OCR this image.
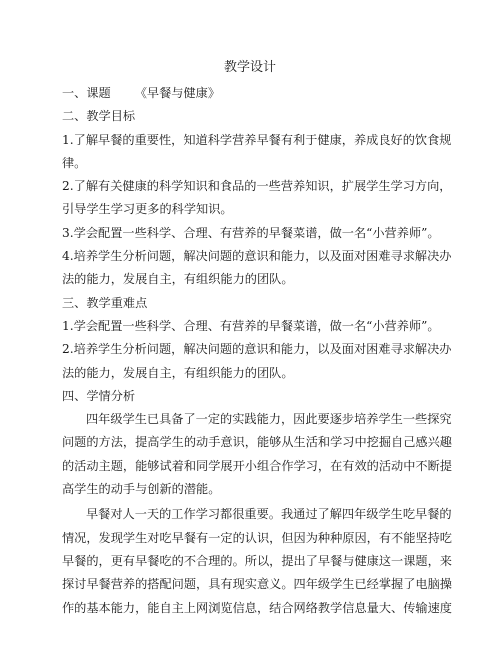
教学设计

一、课题 《早餐与健康》

二、教学目标

1.了解早餐的重要性，知道科学营养早餐有利于健康，养成良好的饮食规

律。

2.了解有关健康的科学知识和食品的一些营养知识，扩展学生学习方向，

引导学生学习更多的科学知识。

3.学会配置一些科学、合理、有营养的早餐菜谱，做一名“小营养师”。

4.培养学生分析问题，解决问题的意识和能力，以及面对困难寻求解决办

法的能力，发展自主，有组织能力的团队。

三、教学重难点

1.学会配置一些科学、合理、有营养的早餐菜谱，做一名“小营养师”。

2.培养学生分析问题，解决问题的意识和能力，以及面对困难寻求解决办

法的能力，发展自主，有组织能力的团队。

四、学情分析

四年级学生已具备了一定的实践能力，因此要逐步培养学生一些探究

问题的方法，提高学生的动手意识，能够从生活和学习中挖掘自己感兴趣

的活动主题，能够试着和同学展开小组合作学习，在有效的活动中不断提

高学生的动手与创新的潜能。

早餐对人一天的工作学习都很重要。我通过了解四年级学生吃早餐的

情况，发现学生对吃早餐有一定的认识，但因为种种原因，有不能坚持吃

早餐的，更有早餐吃的不合理的。所以，提出了早餐与健康这一课题，来

探讨早餐营养的搭配问题，具有现实意义。四年级学生已经掌握了电脑操

作的基本能力，能自主上网浏览信息，结合网络教学信息量大、传输速度
